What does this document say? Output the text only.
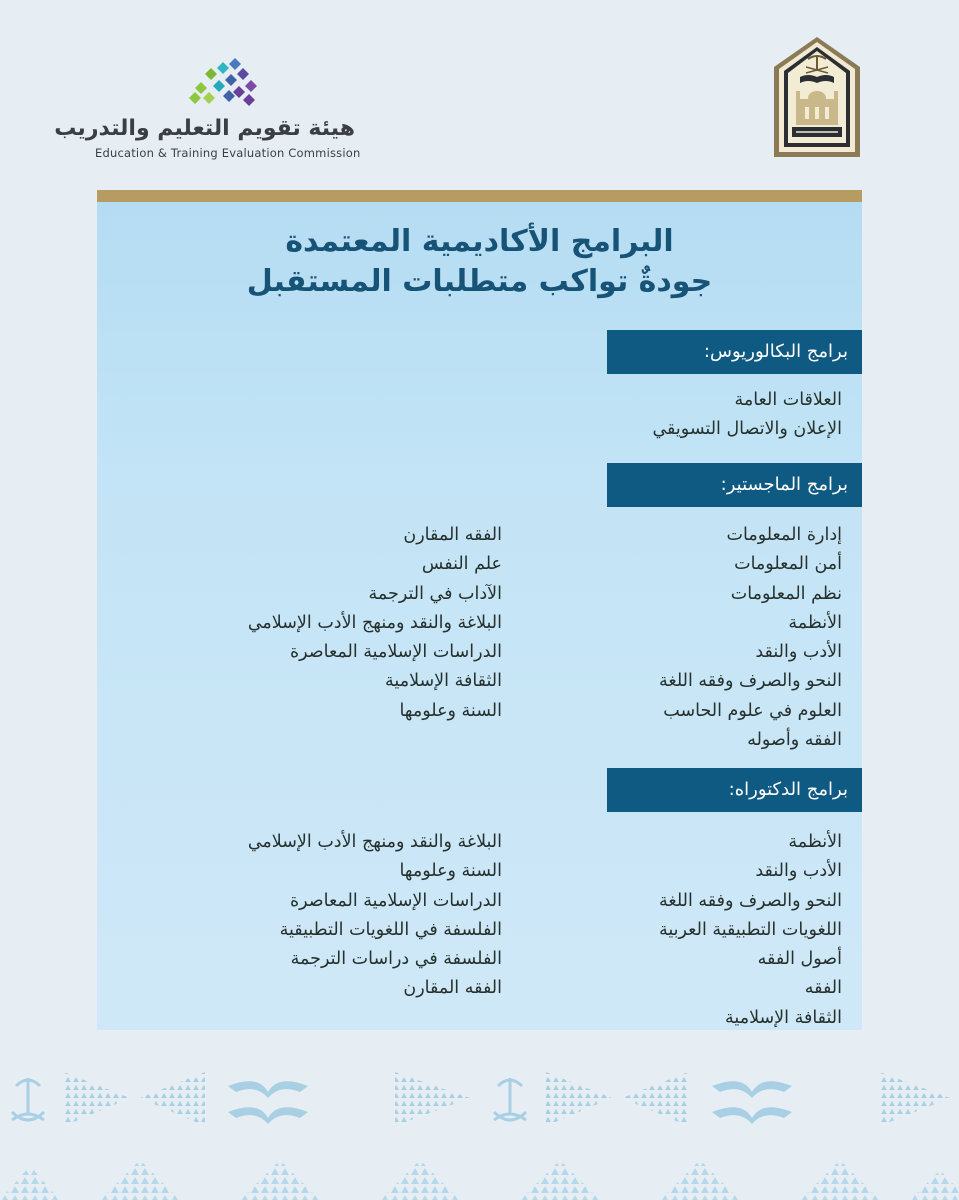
هيئة تقويم التعليم والتدريب
Education & Training Evaluation Commission
البرامج الأكاديمية المعتمدة
جودةٌ تواكب متطلبات المستقبل
برامج البكالوريوس:
العلاقات العامة
الإعلان والاتصال التسويقي
برامج الماجستير:
إدارة المعلومات
أمن المعلومات
نظم المعلومات
الأنظمة
الأدب والنقد
النحو والصرف وفقه اللغة
العلوم في علوم الحاسب
الفقه وأصوله
الفقه المقارن
علم النفس
الآداب في الترجمة
البلاغة والنقد ومنهج الأدب الإسلامي
الدراسات الإسلامية المعاصرة
الثقافة الإسلامية
السنة وعلومها
برامج الدكتوراه:
الأنظمة
الأدب والنقد
النحو والصرف وفقه اللغة
اللغويات التطبيقية العربية
أصول الفقه
الفقه
الثقافة الإسلامية
البلاغة والنقد ومنهج الأدب الإسلامي
السنة وعلومها
الدراسات الإسلامية المعاصرة
الفلسفة في اللغويات التطبيقية
الفلسفة في دراسات الترجمة
الفقه المقارن
